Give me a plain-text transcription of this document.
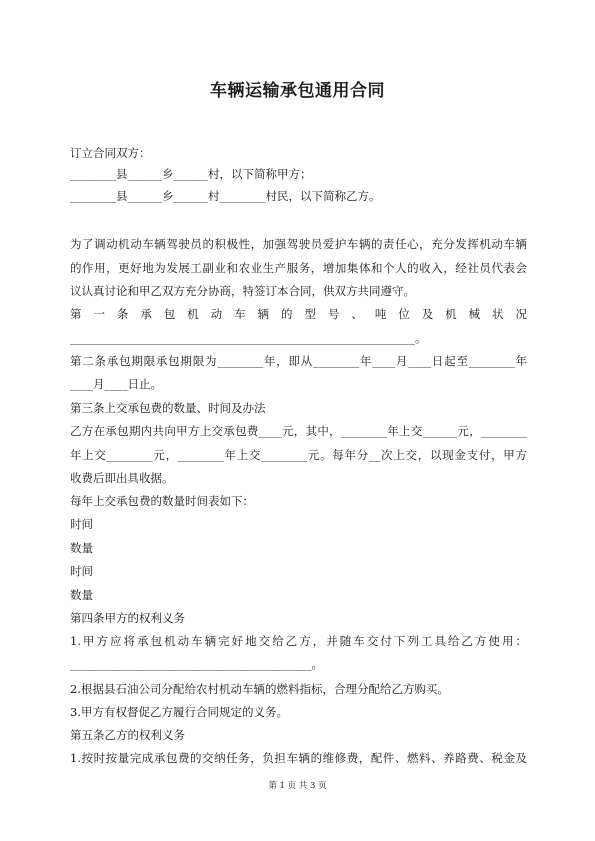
车辆运输承包通用合同
订立合同双方：
________县______乡______村，以下简称甲方；
________县______乡______村________村民，以下简称乙方。
为了调动机动车辆驾驶员的积极性，加强驾驶员爱护车辆的责任心，充分发挥机动车辆
的作用，更好地为发展工副业和农业生产服务，增加集体和个人的收入，经社员代表会
议认真讨论和甲乙双方充分协商，特签订本合同，供双方共同遵守。
第一条承包机动车辆的型号、吨位及机械状况
____________________________________________________________。
第二条承包期限承包期限为________年，即从________年____月____日起至________年
____月____日止。
第三条上交承包费的数量、时间及办法
乙方在承包期内共向甲方上交承包费____元，其中，________年上交______元，________
年上交________元，________年上交________元。每年分__次上交，以现金支付，甲方
收费后即出具收据。
每年上交承包费的数量时间表如下：
时间
数量
时间
数量
第四条甲方的权利义务
1.甲方应将承包机动车辆完好地交给乙方，并随车交付下列工具给乙方使用：
__________________________________________。
2.根据县石油公司分配给农村机动车辆的燃料指标，合理分配给乙方购买。
3.甲方有权督促乙方履行合同规定的义务。
第五条乙方的权利义务
1.按时按量完成承包费的交纳任务，负担车辆的维修费，配件、燃料、养路费、税金及
第 1 页 共 3 页
